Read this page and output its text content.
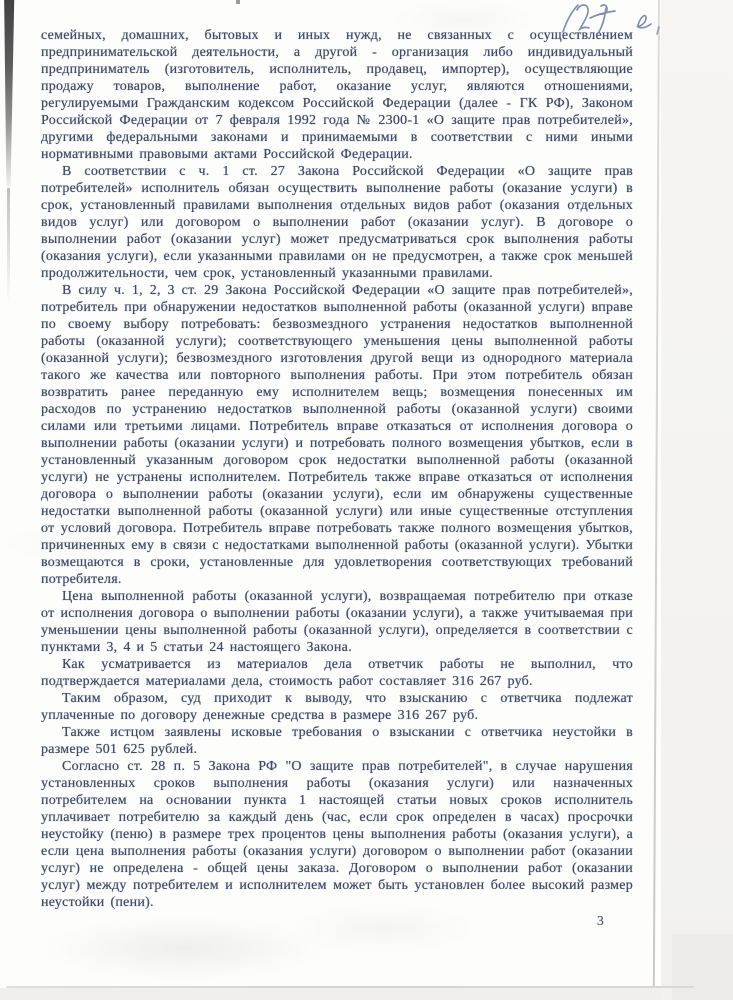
семейных, домашних, бытовых и иных нужд, не связанных с осуществлением предпринимательской деятельности, а другой - организация либо индивидуальный предприниматель (изготовитель, исполнитель, продавец, импортер), осуществляющие продажу товаров, выполнение работ, оказание услуг, являются отношениями, регулируемыми Гражданским кодексом Российской Федерации (далее - ГК РФ), Законом Российской Федерации от 7 февраля 1992 года № 2300-1 «О защите прав потребителей», другими федеральными законами и принимаемыми в соответствии с ними иными нормативными правовыми актами Российской Федерации.

В соответствии с ч. 1 ст. 27 Закона Российской Федерации «О защите прав потребителей» исполнитель обязан осуществить выполнение работы (оказание услуги) в срок, установленный правилами выполнения отдельных видов работ (оказания отдельных видов услуг) или договором о выполнении работ (оказании услуг). В договоре о выполнении работ (оказании услуг) может предусматриваться срок выполнения работы (оказания услуги), если указанными правилами он не предусмотрен, а также срок меньшей продолжительности, чем срок, установленный указанными правилами.

В силу ч. 1, 2, 3 ст. 29 Закона Российской Федерации «О защите прав потребителей», потребитель при обнаружении недостатков выполненной работы (оказанной услуги) вправе по своему выбору потребовать: безвозмездного устранения недостатков выполненной работы (оказанной услуги); соответствующего уменьшения цены выполненной работы (оказанной услуги); безвозмездного изготовления другой вещи из однородного материала такого же качества или повторного выполнения работы. При этом потребитель обязан возвратить ранее переданную ему исполнителем вещь; возмещения понесенных им расходов по устранению недостатков выполненной работы (оказанной услуги) своими силами или третьими лицами. Потребитель вправе отказаться от исполнения договора о выполнении работы (оказании услуги) и потребовать полного возмещения убытков, если в установленный указанным договором срок недостатки выполненной работы (оказанной услуги) не устранены исполнителем. Потребитель также вправе отказаться от исполнения договора о выполнении работы (оказании услуги), если им обнаружены существенные недостатки выполненной работы (оказанной услуги) или иные существенные отступления от условий договора. Потребитель вправе потребовать также полного возмещения убытков, причиненных ему в связи с недостатками выполненной работы (оказанной услуги). Убытки возмещаются в сроки, установленные для удовлетворения соответствующих требований потребителя.

Цена выполненной работы (оказанной услуги), возвращаемая потребителю при отказе от исполнения договора о выполнении работы (оказании услуги), а также учитываемая при уменьшении цены выполненной работы (оказанной услуги), определяется в соответствии с пунктами 3, 4 и 5 статьи 24 настоящего Закона.

Как усматривается из материалов дела ответчик работы не выполнил, что подтверждается материалами дела, стоимость работ составляет 316 267 руб.

Таким образом, суд приходит к выводу, что взысканию с ответчика подлежат уплаченные по договору денежные средства в размере 316 267 руб.

Также истцом заявлены исковые требования о взыскании с ответчика неустойки в размере 501 625 рублей.

Согласно ст. 28 п. 5 Закона РФ "О защите прав потребителей", в случае нарушения установленных сроков выполнения работы (оказания услуги) или назначенных потребителем на основании пункта 1 настоящей статьи новых сроков исполнитель уплачивает потребителю за каждый день (час, если срок определен в часах) просрочки неустойку (пеню) в размере трех процентов цены выполнения работы (оказания услуги), а если цена выполнения работы (оказания услуги) договором о выполнении работ (оказании услуг) не определена - общей цены заказа. Договором о выполнении работ (оказании услуг) между потребителем и исполнителем может быть установлен более высокий размер неустойки (пени).

3
